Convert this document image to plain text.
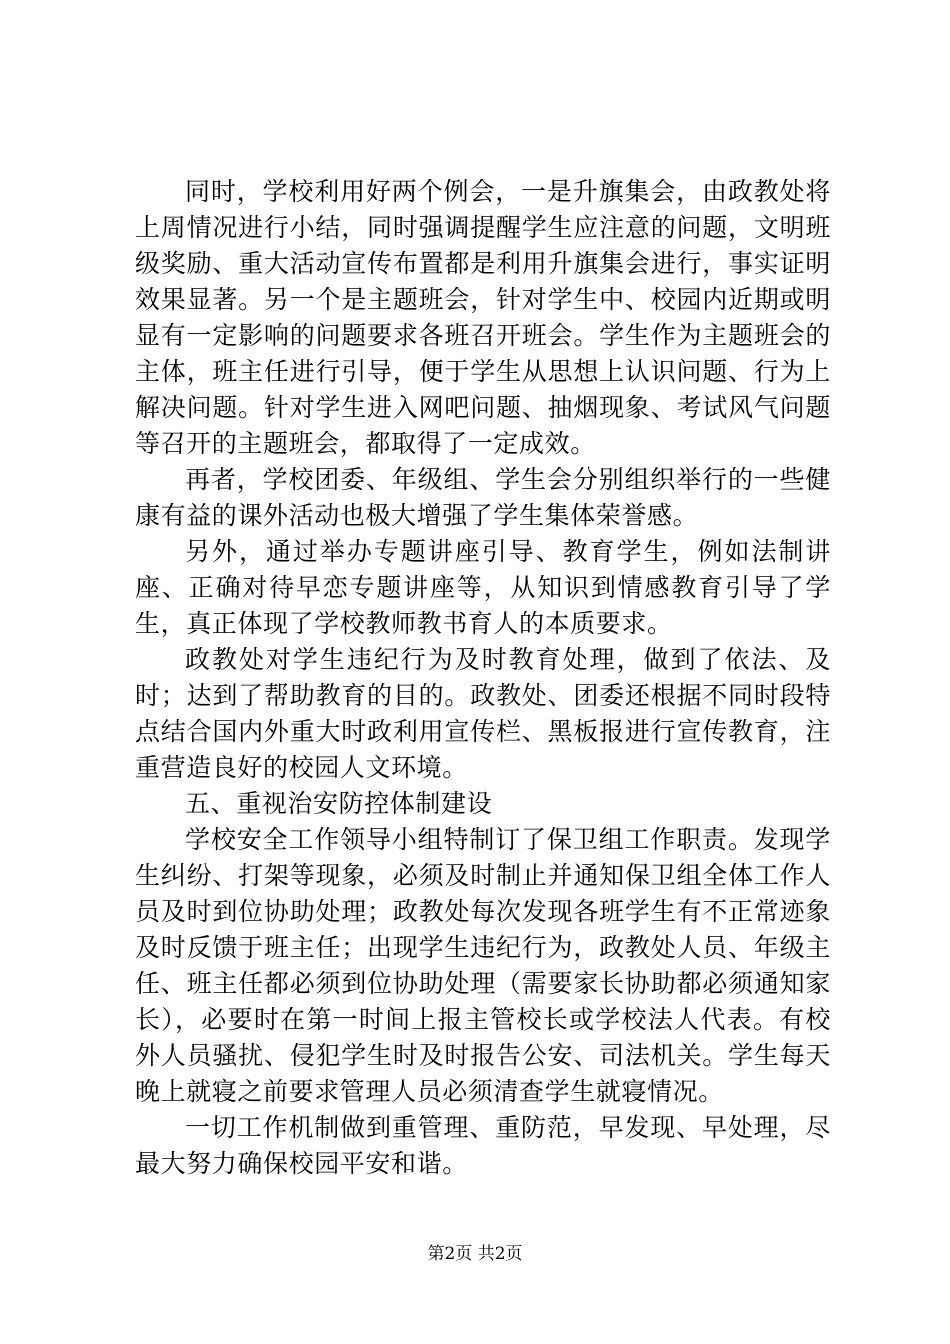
同时，学校利用好两个例会，一是升旗集会，由政教处将上周情况进行小结，同时强调提醒学生应注意的问题，文明班级奖励、重大活动宣传布置都是利用升旗集会进行，事实证明效果显著。另一个是主题班会，针对学生中、校园内近期或明显有一定影响的问题要求各班召开班会。学生作为主题班会的主体，班主任进行引导，便于学生从思想上认识问题、行为上解决问题。针对学生进入网吧问题、抽烟现象、考试风气问题等召开的主题班会，都取得了一定成效。

再者，学校团委、年级组、学生会分别组织举行的一些健康有益的课外活动也极大增强了学生集体荣誉感。

另外，通过举办专题讲座引导、教育学生，例如法制讲座、正确对待早恋专题讲座等，从知识到情感教育引导了学生，真正体现了学校教师教书育人的本质要求。

政教处对学生违纪行为及时教育处理，做到了依法、及时；达到了帮助教育的目的。政教处、团委还根据不同时段特点结合国内外重大时政利用宣传栏、黑板报进行宣传教育，注重营造良好的校园人文环境。

五、重视治安防控体制建设

学校安全工作领导小组特制订了保卫组工作职责。发现学生纠纷、打架等现象，必须及时制止并通知保卫组全体工作人员及时到位协助处理；政教处每次发现各班学生有不正常迹象及时反馈于班主任；出现学生违纪行为，政教处人员、年级主任、班主任都必须到位协助处理（需要家长协助都必须通知家长），必要时在第一时间上报主管校长或学校法人代表。有校外人员骚扰、侵犯学生时及时报告公安、司法机关。学生每天晚上就寝之前要求管理人员必须清查学生就寝情况。

一切工作机制做到重管理、重防范，早发现、早处理，尽最大努力确保校园平安和谐。

第2页 共2页
